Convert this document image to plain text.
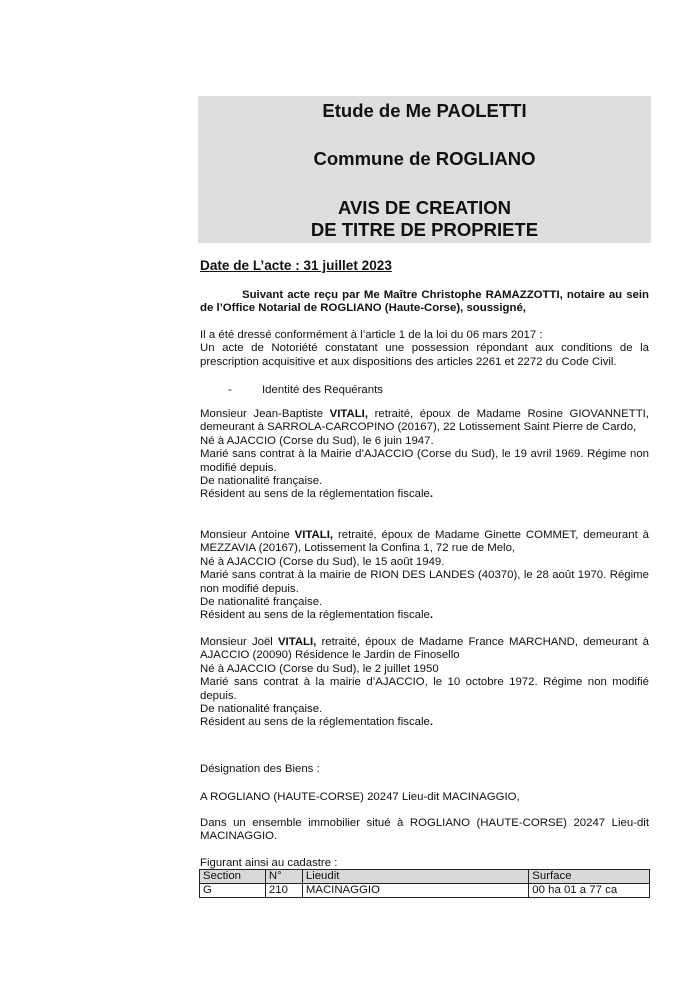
Etude de Me PAOLETTI
Commune de ROGLIANO
AVIS DE CREATION
DE TITRE DE PROPRIETE
Date de L’acte : 31 juillet 2023
Suivant acte reçu par Me Maître Christophe RAMAZZOTTI, notaire au sein de l’Office Notarial de ROGLIANO (Haute-Corse), soussigné,
Il a été dressé conformément à l’article 1 de la loi du 06 mars 2017 :
Un acte de Notoriété constatant une possession répondant aux conditions de la prescription acquisitive et aux dispositions des articles 2261 et 2272 du Code Civil.
-	Identité des Requérants
Monsieur Jean-Baptiste VITALI, retraité, époux de Madame Rosine GIOVANNETTI, demeurant à SARROLA-CARCOPINO (20167), 22 Lotissement Saint Pierre de Cardo,
Né à AJACCIO (Corse du Sud), le 6 juin 1947.
Marié sans contrat à la Mairie d’AJACCIO (Corse du Sud), le 19 avril 1969. Régime non modifié depuis.
De nationalité française.
Résident au sens de la réglementation fiscale.
Monsieur Antoine VITALI, retraité, époux de Madame Ginette COMMET, demeurant à MEZZAVIA (20167), Lotissement la Confina 1, 72 rue de Melo,
Né à AJACCIO (Corse du Sud), le 15 août 1949.
Marié sans contrat à la mairie de RION DES LANDES (40370), le 28 août 1970. Régime non modifié depuis.
De nationalité française.
Résident au sens de la réglementation fiscale.
Monsieur Joël VITALI, retraité, époux de Madame France MARCHAND, demeurant à AJACCIO (20090) Résidence le Jardin de Finosello
Né à AJACCIO (Corse du Sud), le 2 juillet 1950
Marié sans contrat à la mairie d’AJACCIO, le 10 octobre 1972. Régime non modifié depuis.
De nationalité française.
Résident au sens de la réglementation fiscale.
Désignation des Biens :
A ROGLIANO (HAUTE-CORSE) 20247 Lieu-dit MACINAGGIO,
Dans un ensemble immobilier situé à ROGLIANO (HAUTE-CORSE) 20247 Lieu-dit MACINAGGIO.
Figurant ainsi au cadastre :
Section	N°	Lieudit	Surface
G	210	MACINAGGIO	00 ha 01 a 77 ca
